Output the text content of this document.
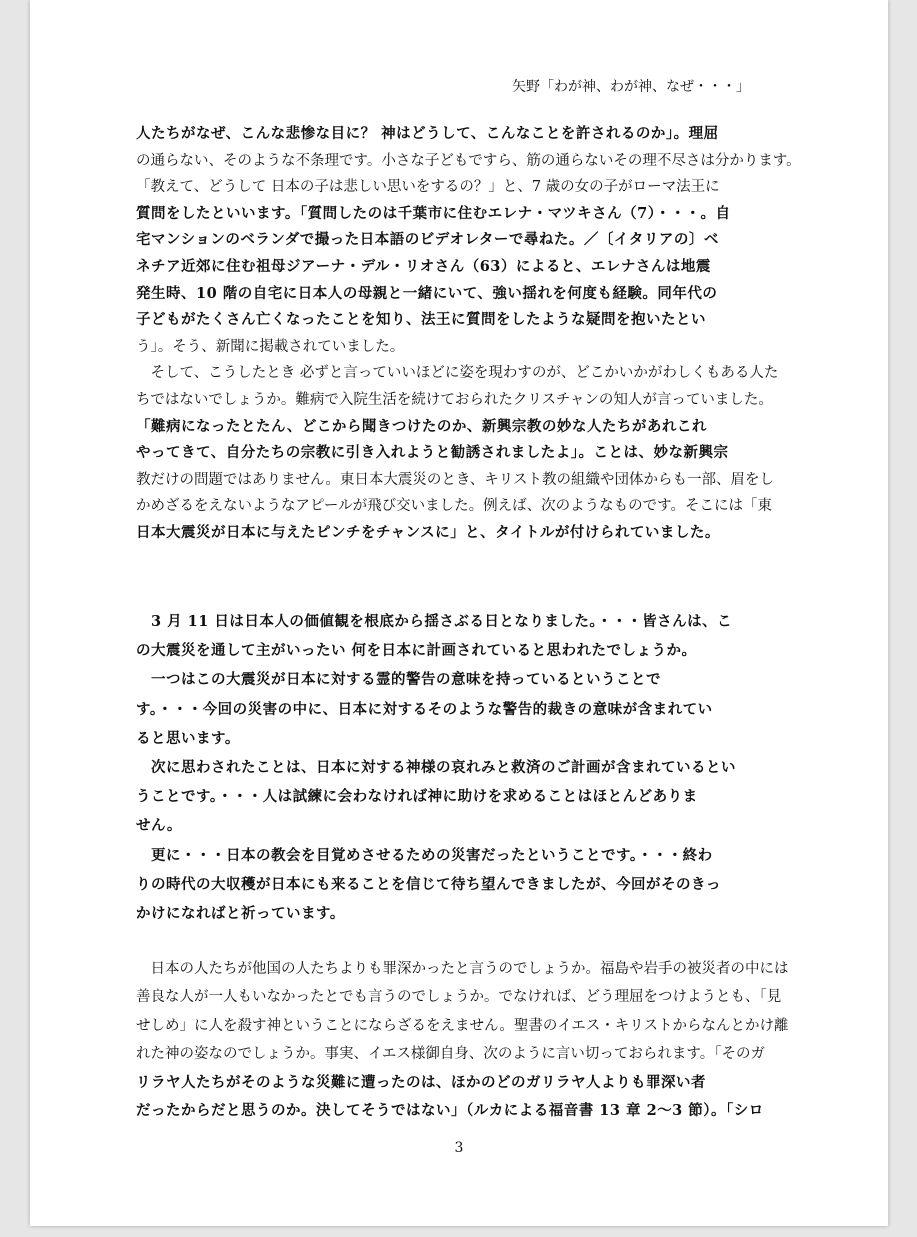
矢野「わが神、わが神、なぜ・・・」
人たちがなぜ、こんな悲惨な目に？ 神はどうして、こんなことを許されるのか」。理屈
の通らない、そのような不条理です。小さな子どもですら、筋の通らないその理不尽さは分かります。
「教えて、どうして 日本の子は悲しい思いをするの？」と、7 歳の女の子がローマ法王に
質問をしたといいます。「質問したのは千葉市に住むエレナ・マツキさん（7）・・・。自
宅マンションのベランダで撮った日本語のビデオレターで尋ねた。／〔イタリアの〕ベ
ネチア近郊に住む祖母ジアーナ・デル・リオさん（63）によると、エレナさんは地震
発生時、10 階の自宅に日本人の母親と一緒にいて、強い揺れを何度も経験。同年代の
子どもがたくさん亡くなったことを知り、法王に質問をしたような疑問を抱いたとい
う」。そう、新聞に掲載されていました。
　そして、こうしたとき 必ずと言っていいほどに姿を現わすのが、どこかいかがわしくもある人た
ちではないでしょうか。難病で入院生活を続けておられたクリスチャンの知人が言っていました。
「難病になったとたん、どこから聞きつけたのか、新興宗教の妙な人たちがあれこれ
やってきて、自分たちの宗教に引き入れようと勧誘されましたよ」。ことは、妙な新興宗
教だけの問題ではありません。東日本大震災のとき、キリスト教の組織や団体からも一部、眉をし
かめざるをえないようなアピールが飛び交いました。例えば、次のようなものです。そこには「東
日本大震災が日本に与えたピンチをチャンスに」と、タイトルが付けられていました。
　3 月 11 日は日本人の価値観を根底から揺さぶる日となりました。・・・皆さんは、こ
の大震災を通して主がいったい 何を日本に計画されていると思われたでしょうか。
　一つはこの大震災が日本に対する霊的警告の意味を持っているということで
す。・・・今回の災害の中に、日本に対するそのような警告的裁きの意味が含まれてい
ると思います。
　次に思わされたことは、日本に対する神様の哀れみと救済のご計画が含まれているとい
うことです。・・・人は試練に会わなければ神に助けを求めることはほとんどありま
せん。
　更に・・・日本の教会を目覚めさせるための災害だったということです。・・・終わ
りの時代の大収穫が日本にも来ることを信じて待ち望んできましたが、今回がそのきっ
かけになればと祈っています。
　日本の人たちが他国の人たちよりも罪深かったと言うのでしょうか。福島や岩手の被災者の中には
善良な人が一人もいなかったとでも言うのでしょうか。でなければ、どう理屈をつけようとも、「見
せしめ」に人を殺す神ということにならざるをえません。聖書のイエス・キリストからなんとかけ離
れた神の姿なのでしょうか。事実、イエス様御自身、次のように言い切っておられます。「そのガ
リラヤ人たちがそのような災難に遭ったのは、ほかのどのガリラヤ人よりも罪深い者
だったからだと思うのか。決してそうではない」（ルカによる福音書 13 章 2〜3 節）。「シロ
3
